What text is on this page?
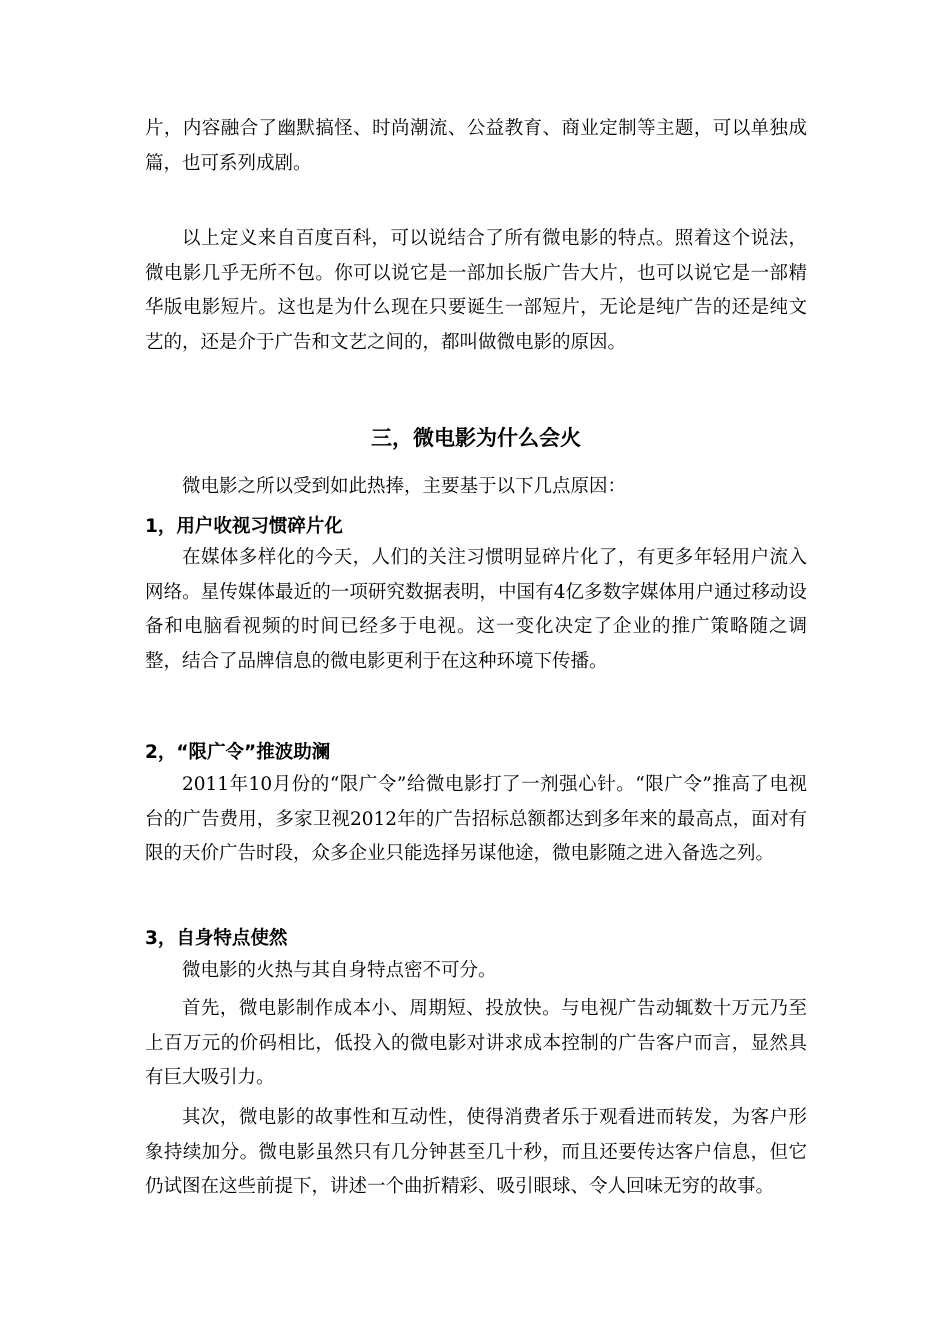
片，内容融合了幽默搞怪、时尚潮流、公益教育、商业定制等主题，可以单独成篇，也可系列成剧。

以上定义来自百度百科，可以说结合了所有微电影的特点。照着这个说法，微电影几乎无所不包。你可以说它是一部加长版广告大片，也可以说它是一部精华版电影短片。这也是为什么现在只要诞生一部短片，无论是纯广告的还是纯文艺的，还是介于广告和文艺之间的，都叫做微电影的原因。

三，微电影为什么会火

微电影之所以受到如此热捧，主要基于以下几点原因：

1，用户收视习惯碎片化

在媒体多样化的今天，人们的关注习惯明显碎片化了，有更多年轻用户流入网络。星传媒体最近的一项研究数据表明，中国有4亿多数字媒体用户通过移动设备和电脑看视频的时间已经多于电视。这一变化决定了企业的推广策略随之调整，结合了品牌信息的微电影更利于在这种环境下传播。

2，“限广令”推波助澜

2011年10月份的“限广令”给微电影打了一剂强心针。“限广令”推高了电视台的广告费用，多家卫视2012年的广告招标总额都达到多年来的最高点，面对有限的天价广告时段，众多企业只能选择另谋他途，微电影随之进入备选之列。

3，自身特点使然

微电影的火热与其自身特点密不可分。

首先，微电影制作成本小、周期短、投放快。与电视广告动辄数十万元乃至上百万元的价码相比，低投入的微电影对讲求成本控制的广告客户而言，显然具有巨大吸引力。

其次，微电影的故事性和互动性，使得消费者乐于观看进而转发，为客户形象持续加分。微电影虽然只有几分钟甚至几十秒，而且还要传达客户信息，但它仍试图在这些前提下，讲述一个曲折精彩、吸引眼球、令人回味无穷的故事。
